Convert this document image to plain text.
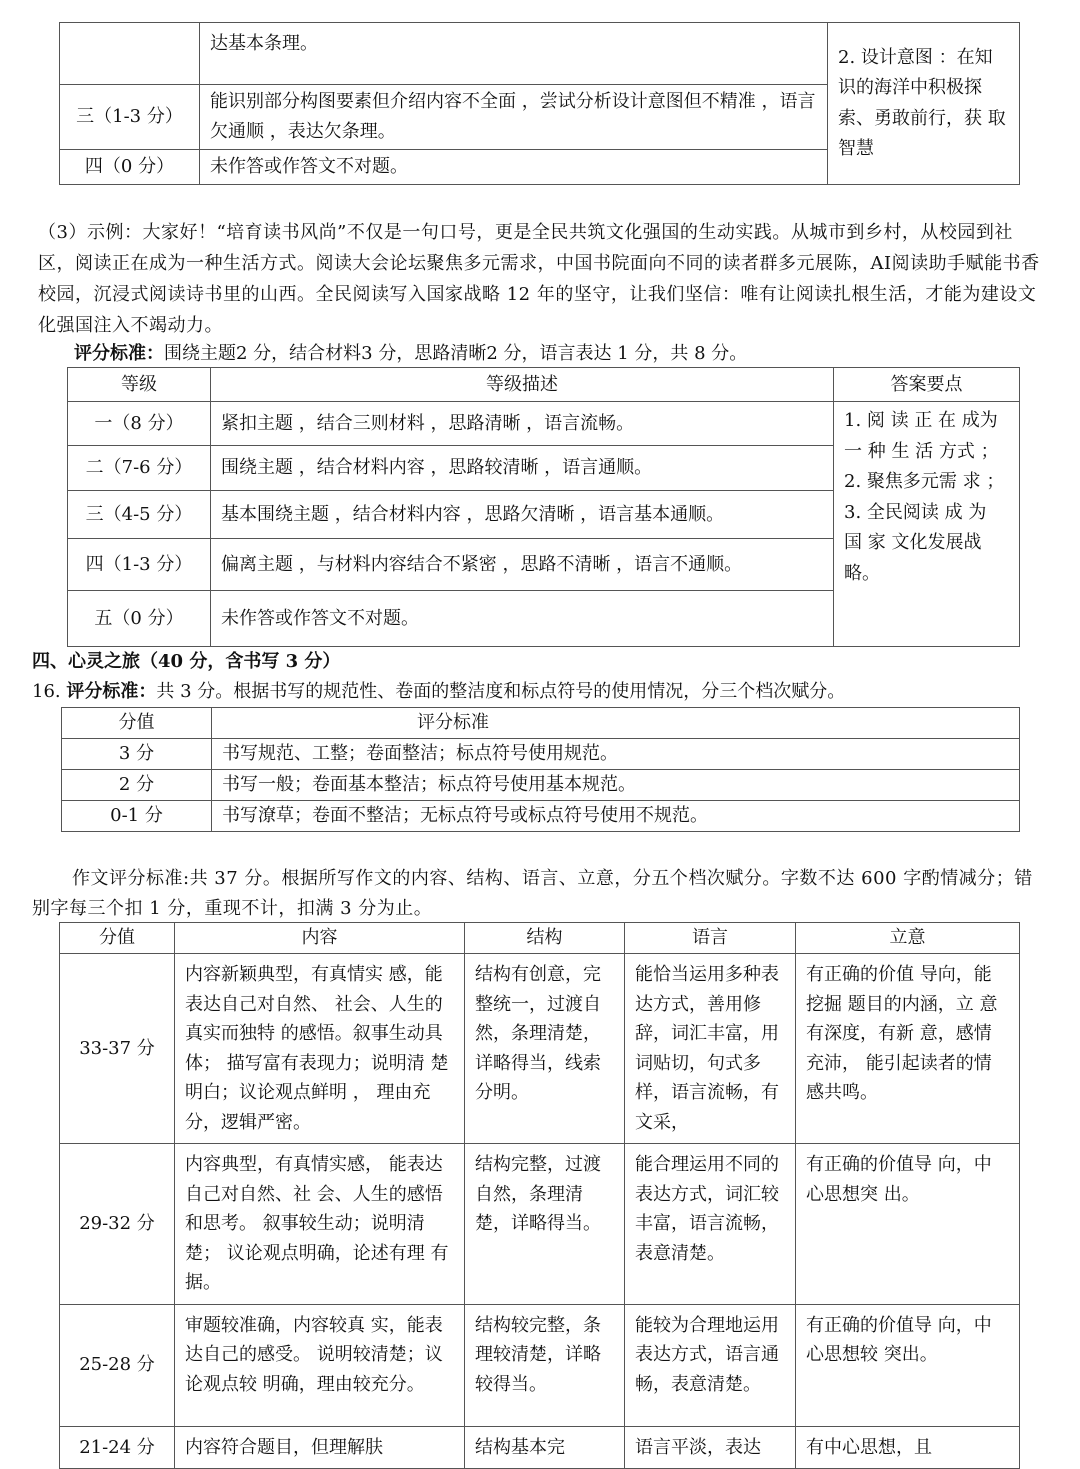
	达基本条理。	2. 设计意图 ：在知 识的海洋中积极探 索、勇敢前行，获 取智慧
三（1-3 分）	能识别部分构图要素但介绍内容不全面 ，尝试分析设计意图但不精准 ，语言欠通顺 ，表达欠条理。	
四（0 分）	未作答或作答文不对题。	

（3）示例：大家好！“培育读书风尚”不仅是一句口号，更是全民共筑文化强国的生动实践。从城市到乡村，从校园到社区，阅读正在成为一种生活方式。阅读大会论坛聚焦多元需求，中国书院面向不同的读者群多元展陈，AI阅读助手赋能书香校园，沉浸式阅读诗书里的山西。全民阅读写入国家战略 12 年的坚守，让我们坚信：唯有让阅读扎根生活，才能为建设文化强国注入不竭动力。

评分标准：围绕主题2 分，结合材料3 分，思路清晰2 分，语言表达 1 分，共 8 分。

等级	等级描述	答案要点
一（8 分）	紧扣主题 ，结合三则材料 ，思路清晰 ，语言流畅。	1. 阅 读 正 在 成为 一 种 生 活 方式 ；2. 聚焦多元需 求 ；3. 全民阅读 成 为 国 家 文化发展战略。
二（7-6 分）	围绕主题 ，结合材料内容 ，思路较清晰 ，语言通顺。	
三（4-5 分）	基本围绕主题 ，结合材料内容 ，思路欠清晰 ，语言基本通顺。	
四（1-3 分）	偏离主题 ，与材料内容结合不紧密 ，思路不清晰 ，语言不通顺。	
五（0 分）	未作答或作答文不对题。	

四、心灵之旅（40 分，含书写 3 分）

16. 评分标准：共 3 分。根据书写的规范性、卷面的整洁度和标点符号的使用情况，分三个档次赋分。

分值	评分标准
3 分	书写规范、工整；卷面整洁；标点符号使用规范。
2 分	书写一般；卷面基本整洁；标点符号使用基本规范。
0-1 分	书写潦草；卷面不整洁；无标点符号或标点符号使用不规范。

作文评分标准:共 37 分。根据所写作文的内容、结构、语言、立意，分五个档次赋分。字数不达 600 字酌情减分；错别字每三个扣 1 分，重现不计，扣满 3 分为止。

分值	内容	结构	语言	立意
33-37 分	内容新颖典型，有真情实 感，能表达自己对自然、 社会、人生的真实而独特 的感悟。叙事生动具体； 描写富有表现力；说明清 楚明白；议论观点鲜明 ， 理由充分，逻辑严密。	结构有创意，完整统一，过渡自然，条理清楚，详略得当，线索分明。	能恰当运用多种表达方式，善用修辞，词汇丰富，用词贴切，句式多样，语言流畅，有文采，	有正确的价值 导向，能挖掘 题目的内涵，立 意有深度，有新 意，感情充沛， 能引起读者的情 感共鸣。
29-32 分	内容典型，有真情实感， 能表达自己对自然、社 会、人生的感悟和思考。 叙事较生动；说明清楚； 议论观点明确，论述有理 有据。	结构完整，过渡自然，条理清楚，详略得当。	能合理运用不同的表达方式，词汇较丰富，语言流畅，表意清楚。	有正确的价值导 向，中心思想突 出。
25-28 分	审题较准确，内容较真 实，能表达自己的感受。 说明较清楚；议论观点较 明确，理由较充分。	结构较完整，条理较清楚，详略较得当。	能较为合理地运用表达方式，语言通畅，表意清楚。	有正确的价值导 向，中心思想较 突出。
21-24 分	内容符合题目，但理解肤	结构基本完	语言平淡，表达	有中心思想，且
